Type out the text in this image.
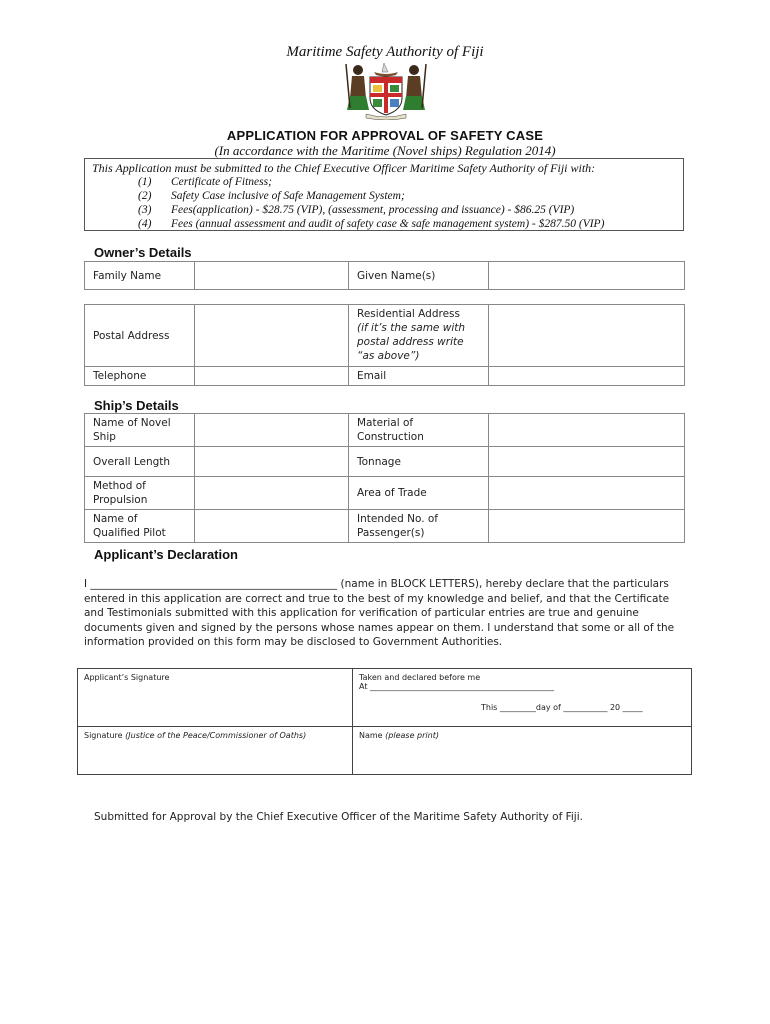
Maritime Safety Authority of Fiji
APPLICATION FOR APPROVAL OF SAFETY CASE
(In accordance with the Maritime (Novel ships) Regulation 2014)
This Application must be submitted to the Chief Executive Officer Maritime Safety Authority of Fiji with:
(1) Certificate of Fitness;
(2) Safety Case inclusive of Safe Management System;
(3) Fees(application) - $28.75 (VIP), (assessment, processing and issuance) - $86.25 (VIP)
(4) Fees (annual assessment and audit of safety case & safe management system) - $287.50 (VIP)
Owner’s Details
Family Name		Given Name(s)	
Postal Address		Residential Address
(if it’s the same with postal address write “as above”)	

Telephone		Email	
Ship’s Details
Name of Novel Ship		Material of Construction	
Overall Length		Tonnage	
Method of Propulsion		Area of Trade	
Name of Qualified Pilot		Intended No. of Passenger(s)	
Applicant’s Declaration
I _______________________________________________ (name in BLOCK LETTERS), hereby declare that the particulars entered in this application are correct and true to the best of my knowledge and belief, and that the Certificate and Testimonials submitted with this application for verification of particular entries are true and genuine documents given and signed by the persons whose names appear on them. I understand that some or all of the information provided on this form may be disclosed to Government Authorities.
Applicant’s Signature	Taken and declared before me
At ______________________________________________
This _________day of ___________ 20 _____

Signature (Justice of the Peace/Commissioner of Oaths)	Name (please print)
Submitted for Approval by the Chief Executive Officer of the Maritime Safety Authority of Fiji.
